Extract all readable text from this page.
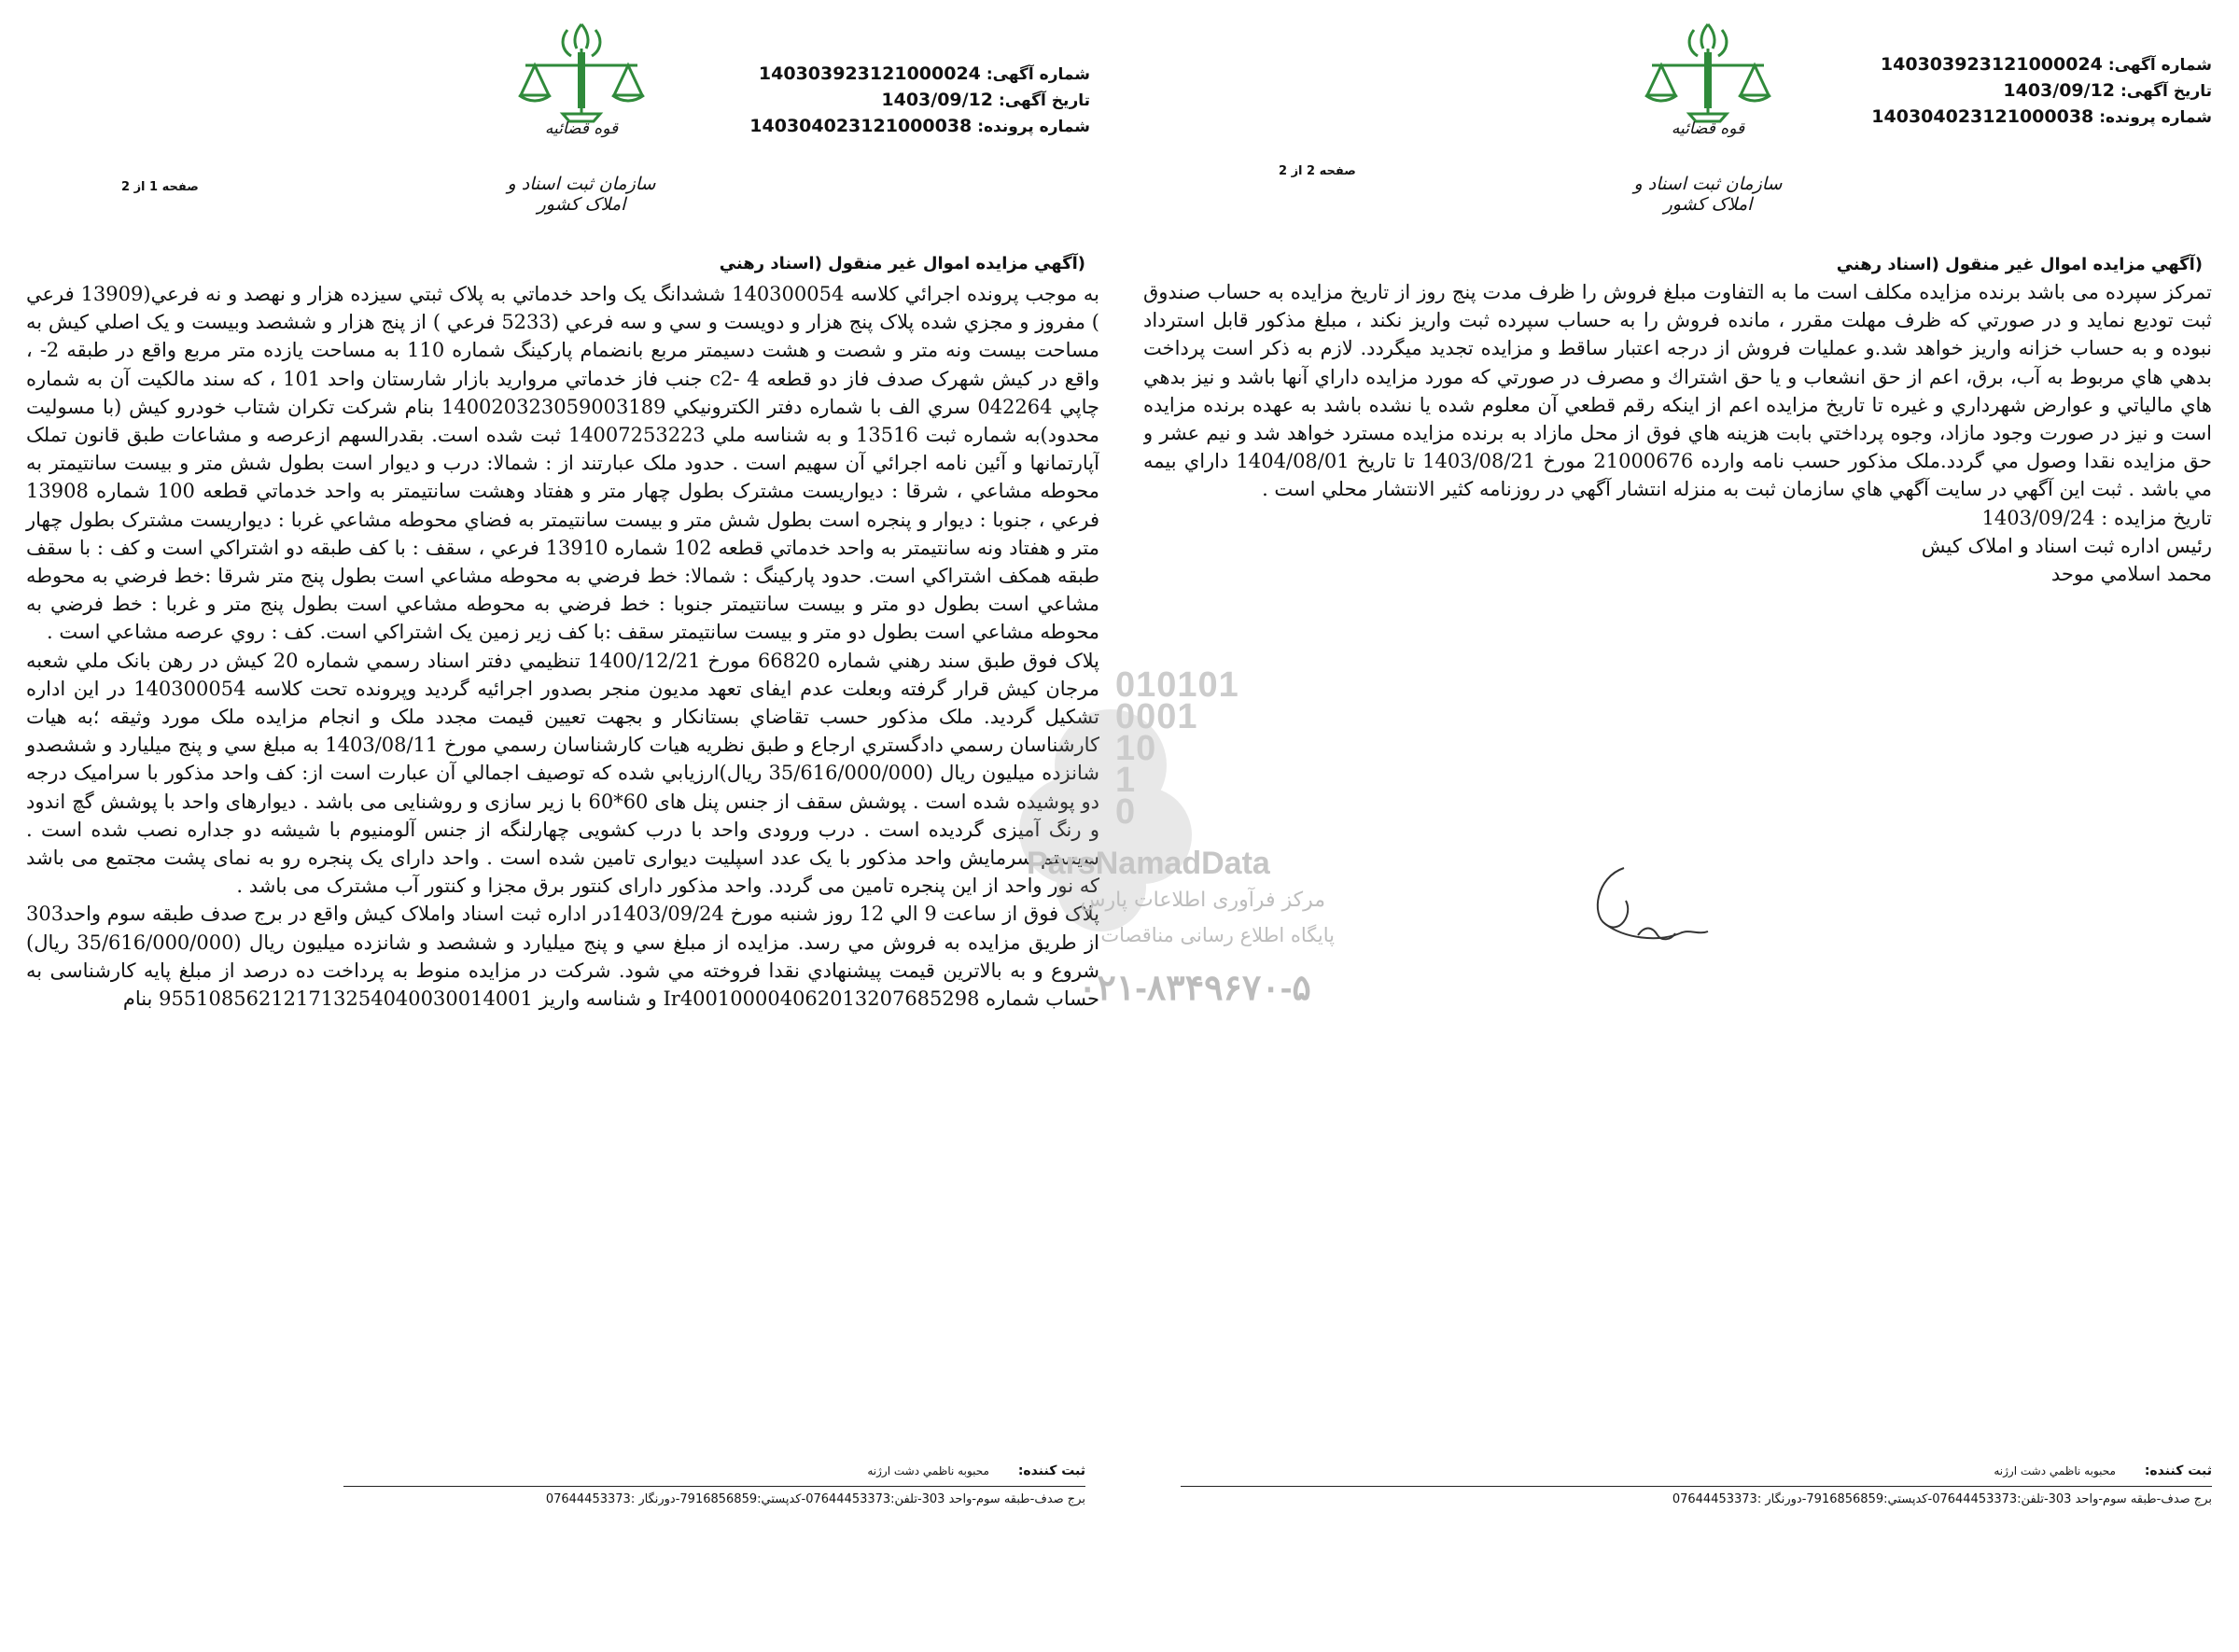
قوه قضائیه
سازمان ثبت اسناد و املاک کشور
شماره آگهی: 140303923121000024
تاریخ آگهی: 1403/09/12
شماره پرونده: 140304023121000038
صفحه 1 از 2
(آگهي مزايده اموال غير منقول (اسناد رهني

به موجب پرونده اجرائي كلاسه 140300054 ششدانگ يک واحد خدماتي به پلاک ثبتي سيزده هزار و نهصد و نه فرعي(13909 فرعي ) مفروز و مجزي شده پلاک پنج هزار و دويست و سي و سه فرعي (5233 فرعي ) از پنج هزار و ششصد وبيست و يک اصلي كيش به مساحت بيست ونه متر و شصت و هشت دسيمتر مربع بانضمام پاركينگ شماره 110 به مساحت يازده متر مربع واقع در طبقه 2- ، واقع در كيش شهرک صدف فاز دو قطعه c2- 4 جنب فاز خدماتي مرواريد بازار شارستان واحد 101 ، كه سند مالكيت آن به شماره چاپي 042264 سري الف با شماره دفتر الكترونيكي 140020323059003189 بنام شركت تكران شتاب خودرو كيش (با مسوليت محدود)به شماره ثبت 13516 و به شناسه ملي 14007253223 ثبت شده است. بقدرالسهم ازعرصه و مشاعات طبق قانون تملک آپارتمانها و آئين نامه اجرائي آن سهيم است . حدود ملک عبارتند از : شمالا: درب و ديوار است بطول شش متر و بيست سانتيمتر به محوطه مشاعي ، شرقا : ديواريست مشترک بطول چهار متر و هفتاد وهشت سانتيمتر به واحد خدماتي قطعه 100 شماره 13908 فرعي ، جنوبا : ديوار و پنجره است بطول شش متر و بيست سانتيمتر به فضاي محوطه مشاعي غربا : ديواريست مشترک بطول چهار متر و هفتاد ونه سانتيمتر به واحد خدماتي قطعه 102 شماره 13910 فرعي ، سقف : با كف طبقه دو اشتراكي است و كف : با سقف طبقه همكف اشتراكي است. حدود پاركينگ : شمالا: خط فرضي به محوطه مشاعي است بطول پنج متر شرقا :خط فرضي به محوطه مشاعي است بطول دو متر و بيست سانتيمتر جنوبا : خط فرضي به محوطه مشاعي است بطول پنج متر و غربا : خط فرضي به محوطه مشاعي است بطول دو متر و بيست سانتيمتر سقف :با كف زير زمين يک اشتراكي است. كف : روي عرصه مشاعي است .

پلاک فوق طبق سند رهني شماره 66820 مورخ 1400/12/21 تنظيمي دفتر اسناد رسمي شماره 20 كيش در رهن بانک ملي شعبه مرجان كيش قرار گرفته وبعلت عدم ايفاى تعهد مديون منجر بصدور اجرائيه گرديد وپرونده تحت كلاسه 140300054 در اين اداره تشكيل گرديد. ملک مذكور حسب تقاضاي بستانكار و بجهت تعيين قيمت مجدد ملک و انجام مزايده ملک مورد وثيقه ؛به هيات كارشناسان رسمي دادگستري ارجاع و طبق نظريه هيات كارشناسان رسمي مورخ 1403/08/11 به مبلغ سي و پنج ميليارد و ششصدو شانزده ميليون ريال (35/616/000/000 ريال)ارزيابي شده كه توصيف اجمالي آن عبارت است از: كف واحد مذكور با سراميک درجه دو پوشيده شده است . پوشش سقف از جنس پنل هاى 60*60 با زير سازى و روشنايى مى باشد . ديوارهاى واحد با پوشش گچ اندود و رنگ آميزى گرديده است . درب ورودى واحد با درب كشويى چهارلنگه از جنس آلومنيوم با شيشه دو جداره نصب شده است . سيستم سرمايش واحد مذكور با يک عدد اسپليت ديوارى تامين شده است . واحد داراى يک پنجره رو به نماى پشت مجتمع مى باشد كه نور واحد از اين پنجره تامين مى گردد. واحد مذكور داراى كنتور برق مجزا و كنتور آب مشترک مى باشد .

پلاک فوق از ساعت 9 الي 12 روز شنبه مورخ 1403/09/24در اداره ثبت اسناد واملاک كيش واقع در برج صدف طبقه سوم واحد303 از طريق مزايده به فروش مي رسد. مزايده از مبلغ سي و پنج ميليارد و ششصد و شانزده ميليون ريال (35/616/000/000 ريال) شروع و به بالاترين قيمت پيشنهادي نقدا فروخته مي شود. شركت در مزايده منوط به پرداخت ده درصد از مبلغ پايه كارشناسى به حساب شماره Ir400100004062013207685298 و شناسه واريز 955108562121713254040030014001 بنام

ثبت كننده: محبوبه ناظمي دشت ارژنه
برج صدف-طبقه سوم-واحد 303-تلفن:07644453373-كدپستي:7916856859-دورنگار :07644453373
قوه قضائیه
سازمان ثبت اسناد و املاک کشور
شماره آگهی: 140303923121000024
تاریخ آگهی: 1403/09/12
شماره پرونده: 140304023121000038
صفحه 2 از 2
(آگهي مزايده اموال غير منقول (اسناد رهني

تمركز سپرده مى باشد برنده مزايده مكلف است ما به التفاوت مبلغ فروش را ظرف مدت پنج روز از تاريخ مزايده به حساب صندوق ثبت توديع نمايد و در صورتي كه ظرف مهلت مقرر ، مانده فروش را به حساب سپرده ثبت واريز نكند ، مبلغ مذكور قابل استرداد نبوده و به حساب خزانه واريز خواهد شد.و عمليات فروش از درجه اعتبار ساقط و مزايده تجديد ميگردد. لازم به ذكر است پرداخت بدهي هاي مربوط به آب، برق، اعم از حق انشعاب و يا حق اشتراك و مصرف در صورتي كه مورد مزايده داراي آنها باشد و نيز بدهي هاي مالياتي و عوارض شهرداري و غيره تا تاريخ مزايده اعم از اينكه رقم قطعي آن معلوم شده يا نشده باشد به عهده برنده مزايده است و نيز در صورت وجود مازاد، وجوه پرداختي بابت هزينه هاي فوق از محل مازاد به برنده مزايده مسترد خواهد شد و نيم عشر و حق مزايده نقدا وصول مي گردد.ملک مذكور حسب نامه وارده 21000676 مورخ 1403/08/21 تا تاريخ 1404/08/01 داراي بيمه مي باشد . ثبت اين آگهي در سايت آگهي هاي سازمان ثبت به منزله انتشار آگهي در روزنامه كثير الانتشار محلي است .

تاريخ مزايده : 1403/09/24
رئيس اداره ثبت اسناد و املاک كيش
محمد اسلامي موحد
ثبت كننده: محبوبه ناظمي دشت ارژنه
برج صدف-طبقه سوم-واحد 303-تلفن:07644453373-كدپستي:7916856859-دورنگار :07644453373
010101
0001
10
1
0
ParsNamadData
مركز فرآورى اطلاعات پارس
پايگاه اطلاع رسانى مناقصات
۰۲۱-۸۳۴۹۶۷۰-۵
